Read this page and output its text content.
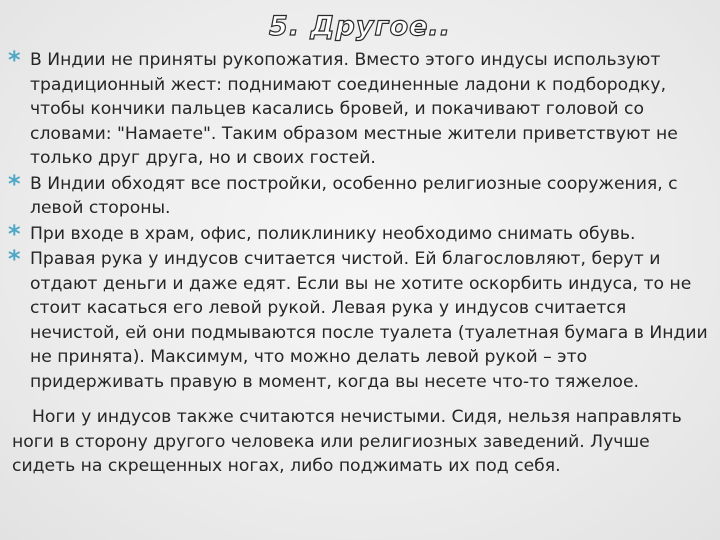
5. Другое..
* В Индии не приняты рукопожатия. Вместо этого индусы используют традиционный жест: поднимают соединенные ладони к подбородку, чтобы кончики пальцев касались бровей, и покачивают головой со словами: "Намаете". Таким образом местные жители приветствуют не только друг друга, но и своих гостей.
* В Индии обходят все постройки, особенно религиозные сооружения, с левой стороны.
* При входе в храм, офис, поликлинику необходимо снимать обувь.
* Правая рука у индусов считается чистой. Ей благословляют, берут и отдают деньги и даже едят. Если вы не хотите оскорбить индуса, то не стоит касаться его левой рукой. Левая рука у индусов считается нечистой, ей они подмываются после туалета (туалетная бумага в Индии не принята). Максимум, что можно делать левой рукой – это придерживать правую в момент, когда вы несете что-то тяжелое.
Ноги у индусов также считаются нечистыми. Сидя, нельзя направлять ноги в сторону другого человека или религиозных заведений. Лучше сидеть на скрещенных ногах, либо поджимать их под себя.
